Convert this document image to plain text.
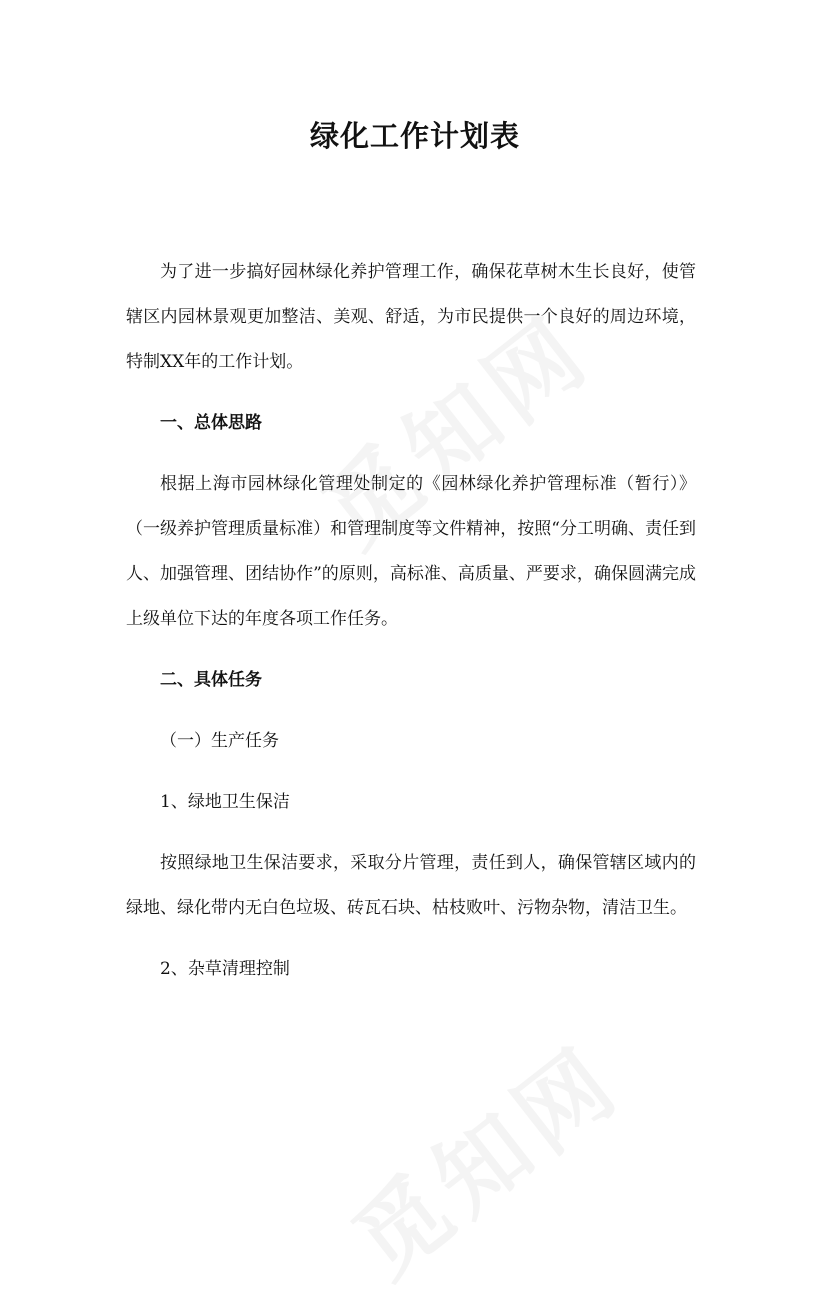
绿化工作计划表

为了进一步搞好园林绿化养护管理工作，确保花草树木生长良好，使管辖区内园林景观更加整洁、美观、舒适，为市民提供一个良好的周边环境，特制XX年的工作计划。

一、总体思路

根据上海市园林绿化管理处制定的《园林绿化养护管理标准（暂行）》（一级养护管理质量标准）和管理制度等文件精神，按照“分工明确、责任到人、加强管理、团结协作”的原则，高标准、高质量、严要求，确保圆满完成上级单位下达的年度各项工作任务。

二、具体任务

（一）生产任务

1、绿地卫生保洁

按照绿地卫生保洁要求，采取分片管理，责任到人，确保管辖区域内的绿地、绿化带内无白色垃圾、砖瓦石块、枯枝败叶、污物杂物，清洁卫生。

2、杂草清理控制
